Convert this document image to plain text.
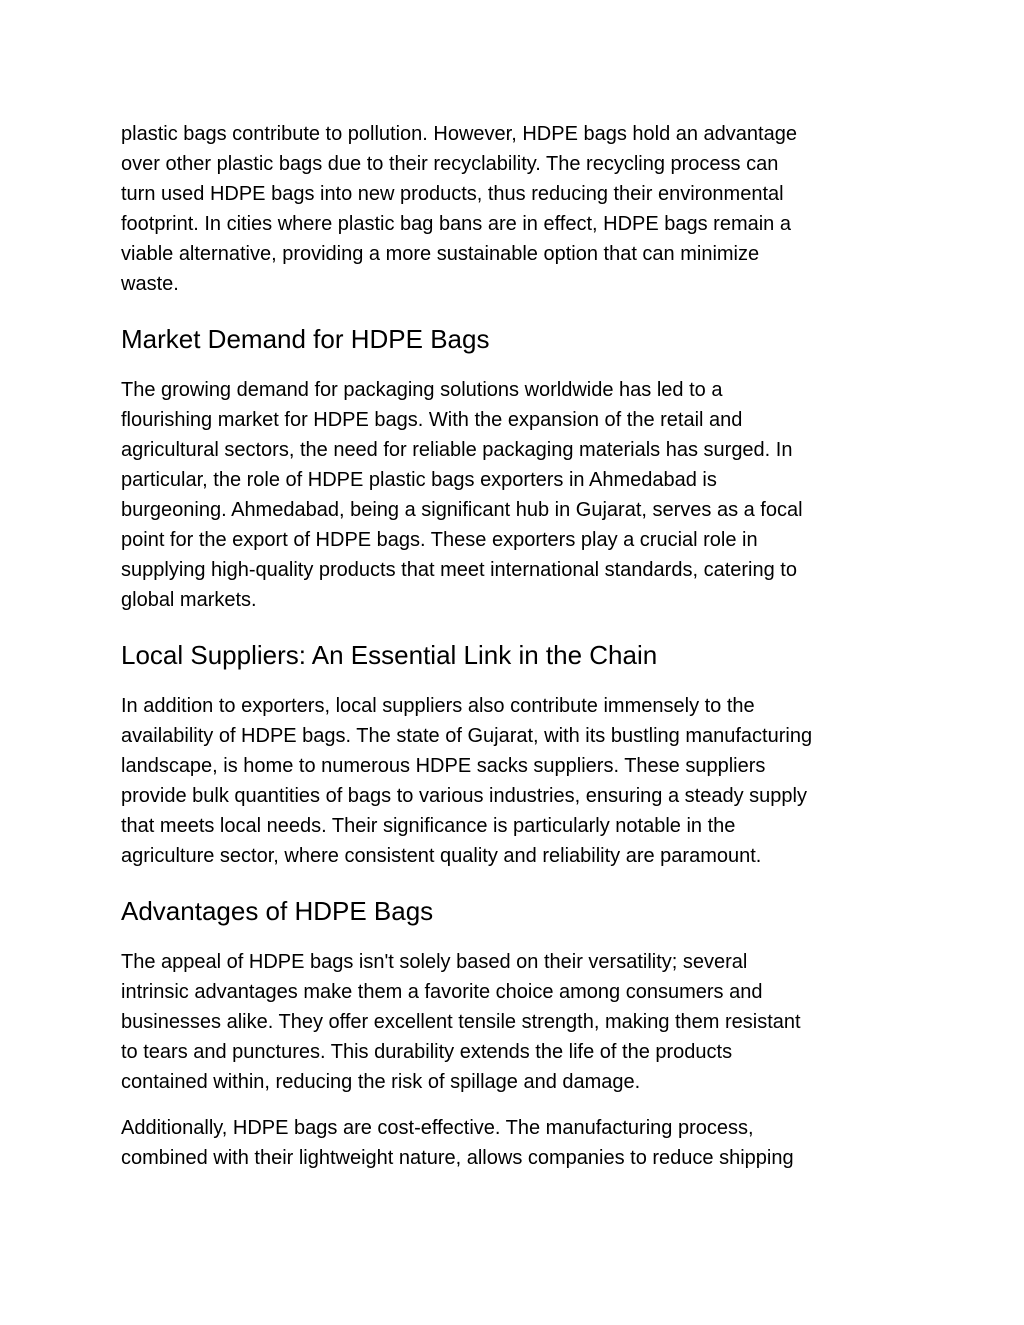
plastic bags contribute to pollution. However, HDPE bags hold an advantage
over other plastic bags due to their recyclability. The recycling process can
turn used HDPE bags into new products, thus reducing their environmental
footprint. In cities where plastic bag bans are in effect, HDPE bags remain a
viable alternative, providing a more sustainable option that can minimize
waste.

Market Demand for HDPE Bags

The growing demand for packaging solutions worldwide has led to a
flourishing market for HDPE bags. With the expansion of the retail and
agricultural sectors, the need for reliable packaging materials has surged. In
particular, the role of HDPE plastic bags exporters in Ahmedabad is
burgeoning. Ahmedabad, being a significant hub in Gujarat, serves as a focal
point for the export of HDPE bags. These exporters play a crucial role in
supplying high-quality products that meet international standards, catering to
global markets.

Local Suppliers: An Essential Link in the Chain

In addition to exporters, local suppliers also contribute immensely to the
availability of HDPE bags. The state of Gujarat, with its bustling manufacturing
landscape, is home to numerous HDPE sacks suppliers. These suppliers
provide bulk quantities of bags to various industries, ensuring a steady supply
that meets local needs. Their significance is particularly notable in the
agriculture sector, where consistent quality and reliability are paramount.

Advantages of HDPE Bags

The appeal of HDPE bags isn't solely based on their versatility; several
intrinsic advantages make them a favorite choice among consumers and
businesses alike. They offer excellent tensile strength, making them resistant
to tears and punctures. This durability extends the life of the products
contained within, reducing the risk of spillage and damage.

Additionally, HDPE bags are cost-effective. The manufacturing process,
combined with their lightweight nature, allows companies to reduce shipping
